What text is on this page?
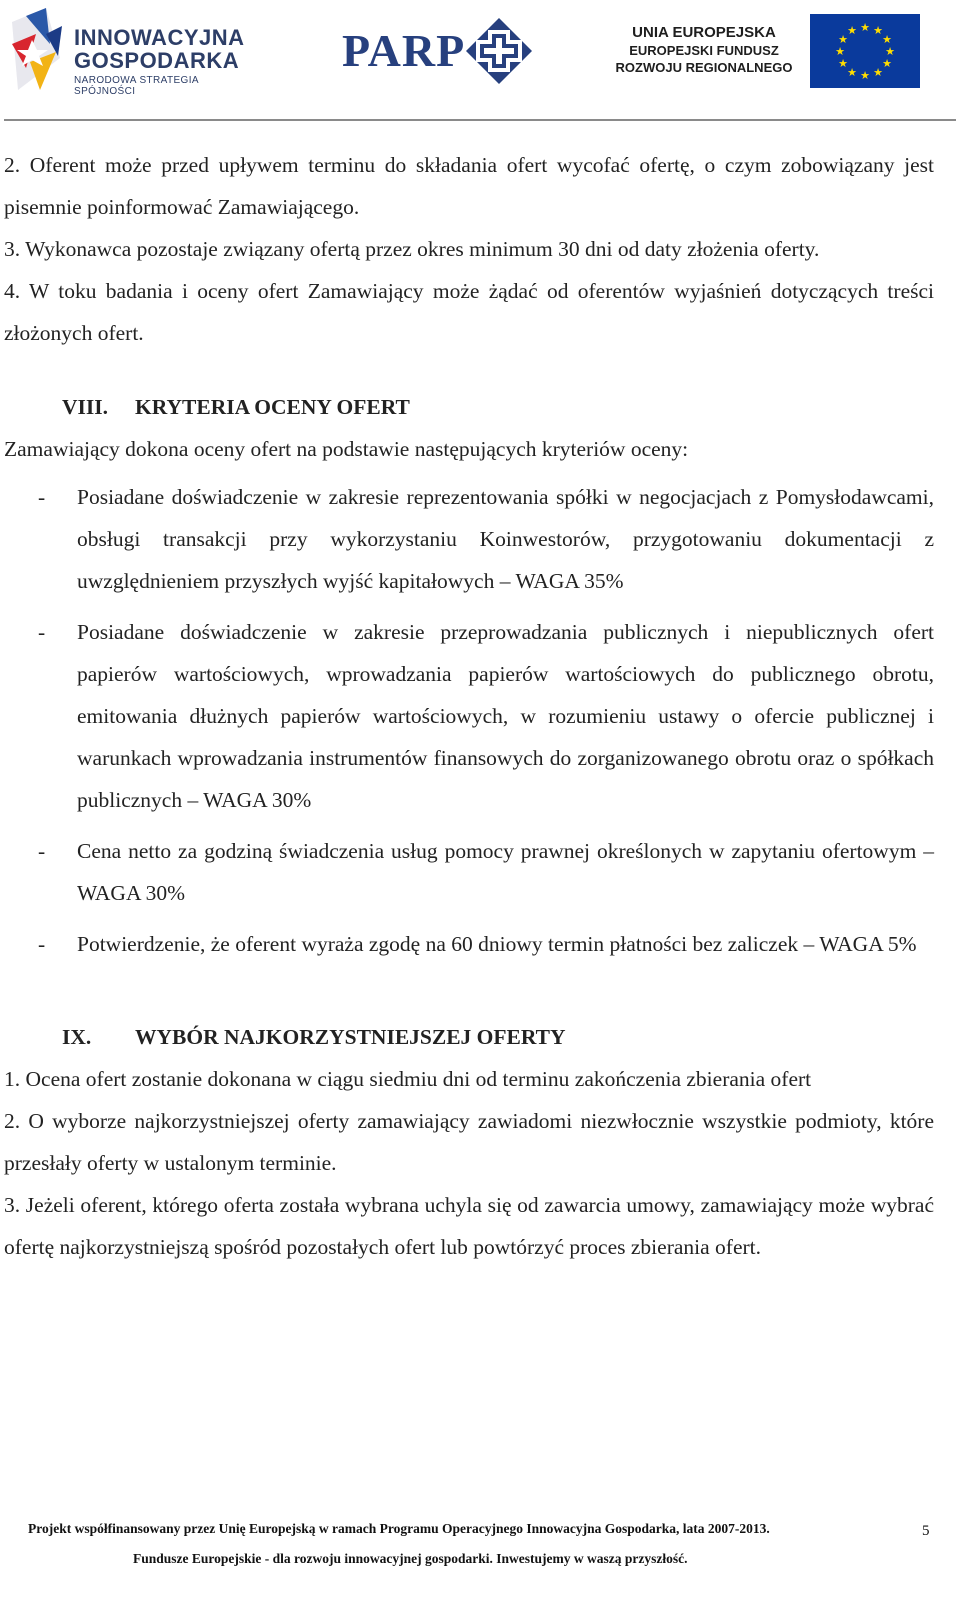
INNOWACYJNA
GOSPODARKA
NARODOWA STRATEGIA SPÓJNOŚCI
PARP	UNIA EUROPEJSKA
EUROPEJSKI FUNDUSZ
ROZWOJU REGIONALNEGO
★ ★
★
★
★
★
★
★
★
★
★
★

2. Oferent może przed upływem terminu do składania ofert wycofać ofertę, o czym zobowiązany jest pisemnie poinformować Zamawiającego.

3. Wykonawca pozostaje związany ofertą przez okres minimum 30 dni od daty złożenia oferty.

4. W toku badania i oceny ofert Zamawiający może żądać od oferentów wyjaśnień dotyczących treści złożonych ofert.

VIII. KRYTERIA OCENY OFERT

Zamawiający dokona oceny ofert na podstawie następujących kryteriów oceny:

- Posiadane doświadczenie w zakresie reprezentowania spółki w negocjacjach z Pomysłodawcami, obsługi transakcji przy wykorzystaniu Koinwestorów, przygotowaniu dokumentacji z uwzględnieniem przyszłych wyjść kapitałowych – WAGA 35%
- Posiadane doświadczenie w zakresie przeprowadzania publicznych i niepublicznych ofert papierów wartościowych, wprowadzania papierów wartościowych do publicznego obrotu, emitowania dłużnych papierów wartościowych, w rozumieniu ustawy o ofercie publicznej i warunkach wprowadzania instrumentów finansowych do zorganizowanego obrotu oraz o spółkach publicznych – WAGA 30%
- Cena netto za godziną świadczenia usług pomocy prawnej określonych w zapytaniu ofertowym – WAGA 30%
- Potwierdzenie, że oferent wyraża zgodę na 60 dniowy termin płatności bez zaliczek – WAGA 5%

IX. WYBÓR NAJKORZYSTNIEJSZEJ OFERTY

1. Ocena ofert zostanie dokonana w ciągu siedmiu dni od terminu zakończenia zbierania ofert

2. O wyborze najkorzystniejszej oferty zamawiający zawiadomi niezwłocznie wszystkie podmioty, które przesłały oferty w ustalonym terminie.

3. Jeżeli oferent, którego oferta została wybrana uchyla się od zawarcia umowy, zamawiający może wybrać ofertę najkorzystniejszą spośród pozostałych ofert lub powtórzyć proces zbierania ofert.

Projekt współfinansowany przez Unię Europejską w ramach Programu Operacyjnego Innowacyjna Gospodarka, lata 2007-2013.	5
Fundusze Europejskie - dla rozwoju innowacyjnej gospodarki. Inwestujemy w waszą przyszłość.
